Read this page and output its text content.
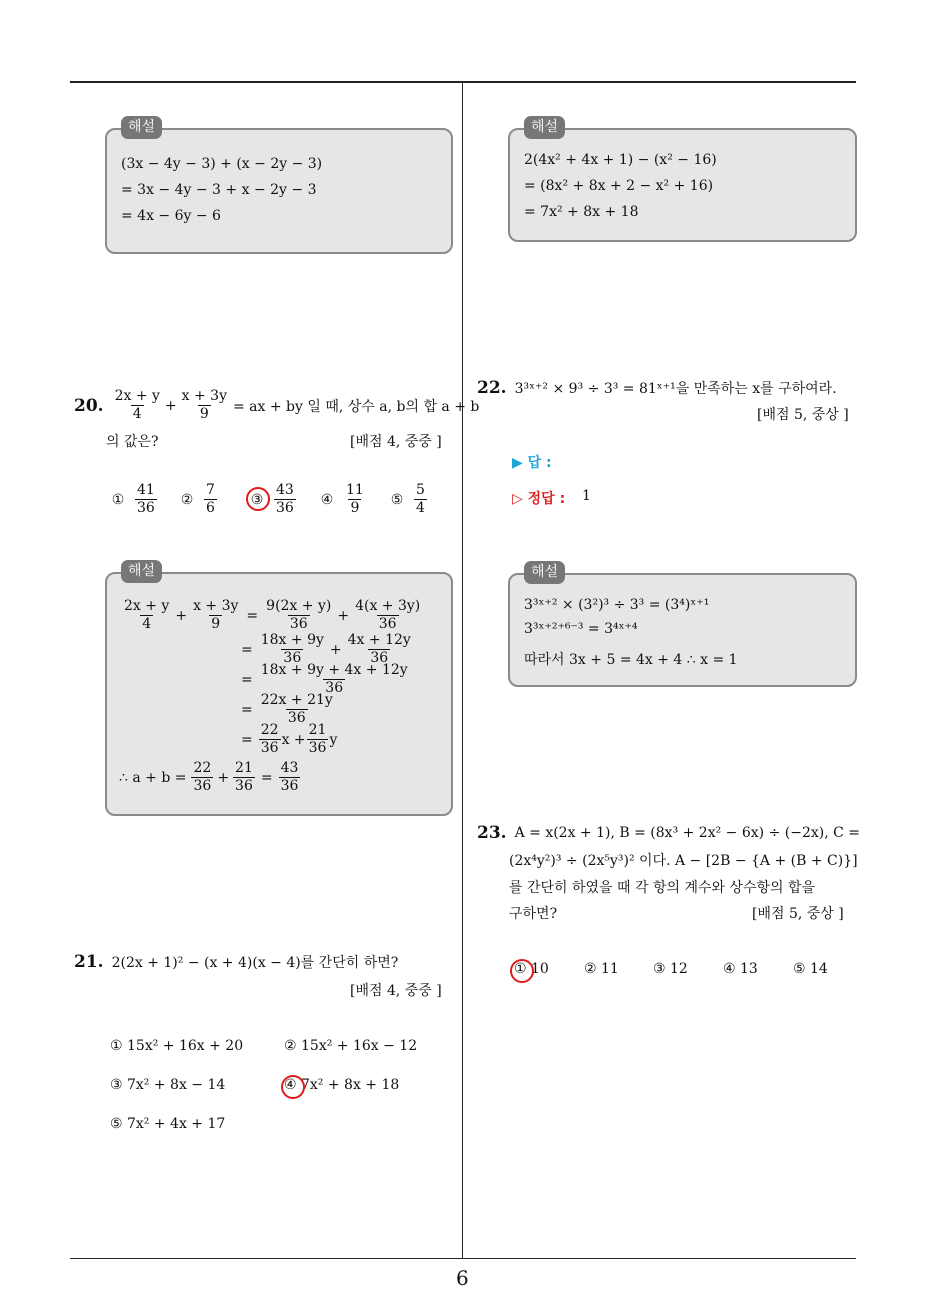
해설
(3x − 4y − 3) + (x − 2y − 3)
= 3x − 4y − 3 + x − 2y − 3
= 4x − 6y − 6
해설
2(4x² + 4x + 1) − (x² − 16)
= (8x² + 8x + 2 − x² + 16)
= 7x² + 8x + 18
20. $\frac{2x + y}{4} + \frac{x + 3y}{9}$ = ax + by 일 때, 상수 a, b의 합 a + b
의 값은?	[배점 4, 중중 ]
① $\frac{41}{36}$ ② $\frac{7}{6}$ ③ $\frac{43}{36}$ ④ $\frac{11}{9}$ ⑤ $\frac{5}{4}$
해설
$\frac{2x + y}{4} + \frac{x + 3y}{9} = \frac{9(2x + y)}{36} + \frac{4(x + 3y)}{36}$
= $\frac{18x + 9y}{36} + \frac{4x + 12y}{36}$
= $\frac{18x + 9y + 4x + 12y}{36}$
= $\frac{22x + 21y}{36}$
= $\frac{22}{36}$ $x + \frac{21}{36}$ y
∴ $a + b = \frac{22}{36} + \frac{21}{36} = \frac{43}{36}$
21. 2(2x + 1)² − (x + 4)(x − 4)를 간단히 하면?
[배점 4, 중중 ]
① 15x² + 16x + 20	② 15x² + 16x − 12
③ 7x² + 8x − 14	④ 7x² + 8x + 18
⑤ 7x² + 4x + 17
22. 3³ˣ⁺² × 9³ ÷ 3³ = 81ˣ⁺¹을 만족하는 x를 구하여라.
[배점 5, 중상 ]
▶ 답 :
▷ 정답 : 1
해설
3³ˣ⁺² × (3²)³ ÷ 3³ = (3⁴)ˣ⁺¹
3³ˣ⁺²⁺⁶⁻³ = 3⁴ˣ⁺⁴
따라서 3x + 5 = 4x + 4 ∴ x = 1
23. A = x(2x + 1), B = (8x³ + 2x² − 6x) ÷ (−2x), C =
(2x⁴y²)³ ÷ (2x⁵y³)² 이다. A − [2B − {A + (B + C)}]
를 간단히 하였을 때 각 항의 계수와 상수항의 합을
구하면?	[배점 5, 중상 ]
① 10	② 11 ③ 12	④ 13	⑤ 14
6
